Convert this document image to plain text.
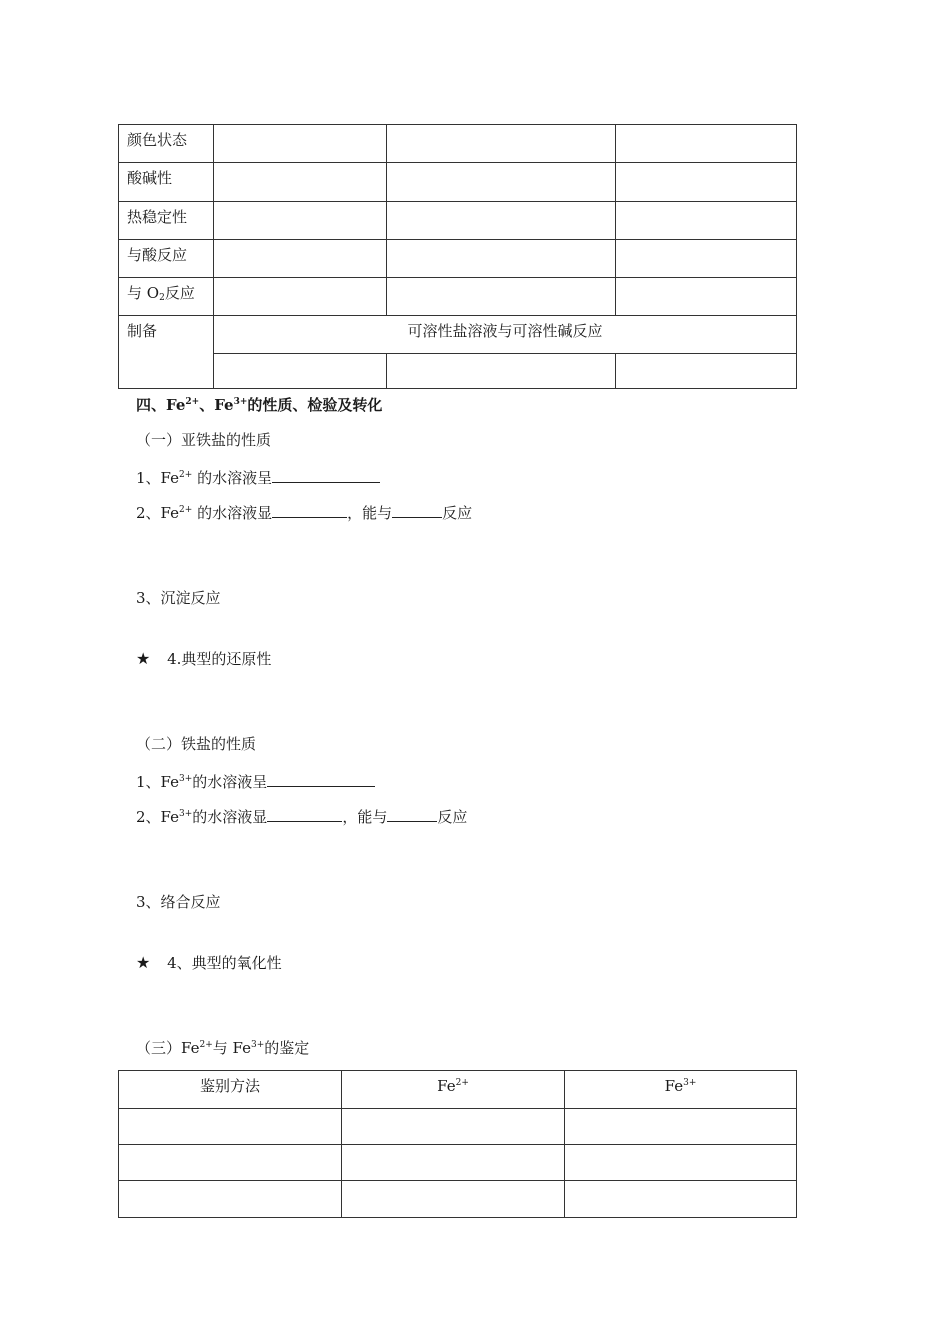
颜色状态			

酸碱性			

热稳定性			

与酸反应			

与 $O_2$反应			

制备	可溶性盐溶液与可溶性碱反应		

四、$Fe^{2+}$、$Fe^{3+}$的性质、检验及转化
（一）亚铁盐的性质
1、$Fe^{2+}$ 的水溶液呈
2、$Fe^{2+}$ 的水溶液显	，能与	反应
3、沉淀反应
★ 4.典型的还原性
（二）铁盐的性质
1、$Fe^{3+}$的水溶液呈
2、$Fe^{3+}$的水溶液显	，能与	反应
3、络合反应
★ 4、典型的氧化性
（三）$Fe^{2+}$与 $Fe^{3+}$的鉴定
鉴别方法	$Fe^{2+}$	$Fe^{3+}$
